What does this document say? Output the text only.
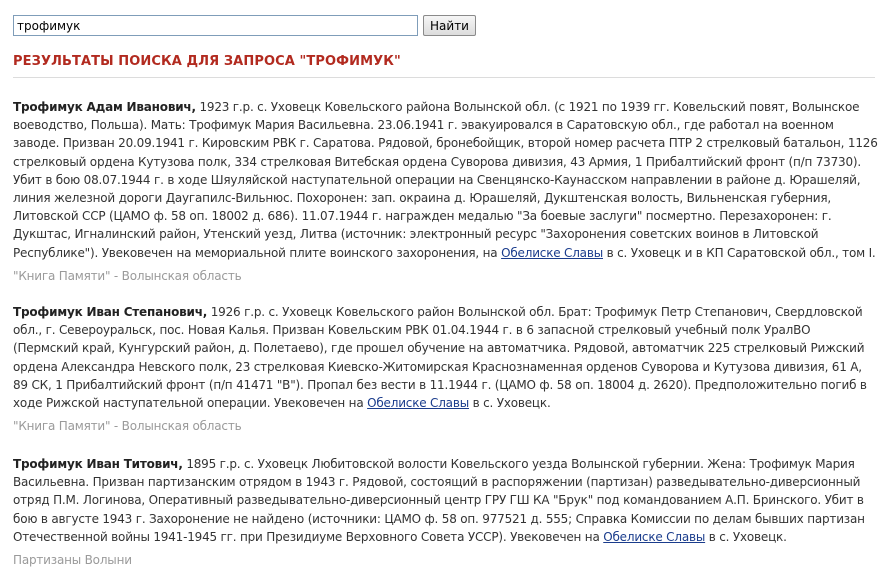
трофимук
Найти
РЕЗУЛЬТАТЫ ПОИСКА ДЛЯ ЗАПРОСА "ТРОФИМУК"

Трофимук Адам Иванович, 1923 г.р. с. Уховецк Ковельского района Волынской обл. (с 1921 по 1939 гг. Ковельский повят, Волынское воеводство, Польша). Мать: Трофимук Мария Васильевна. 23.06.1941 г. эвакуировался в Саратовскую обл., где работал на военном заводе. Призван 20.09.1941 г. Кировским РВК г. Саратова. Рядовой, бронебойщик, второй номер расчета ПТР 2 стрелковый батальон, 1126 стрелковый ордена Кутузова полк, 334 стрелковая Витебская ордена Суворова дивизия, 43 Армия, 1 Прибалтийский фронт (п/п 73730). Убит в бою 08.07.1944 г. в ходе Шяуляйской наступательной операции на Свенцянско-Каунасском направлении в районе д. Юрашеляй, линия железной дороги Даугапилс-Вильнюс. Похоронен: зап. окраина д. Юрашеляй, Дукштенская волость, Вильненская губерния, Литовской ССР (ЦАМО ф. 58 оп. 18002 д. 686). 11.07.1944 г. награжден медалью "За боевые заслуги" посмертно. Перезахоронен: г. Дукштас, Игналинский район, Утенский уезд, Литва (источник: электронный ресурс "Захоронения советских воинов в Литовской Республике"). Увековечен на мемориальной плите воинского захоронения, на Обелиске Славы в с. Уховецк и в КП Саратовской обл., том I.

"Книга Памяти" - Волынская область

Трофимук Иван Степанович, 1926 г.р. с. Уховецк Ковельского район Волынской обл. Брат: Трофимук Петр Степанович, Свердловской обл., г. Североуральск, пос. Новая Калья. Призван Ковельским РВК 01.04.1944 г. в 6 запасной стрелковый учебный полк УралВО (Пермский край, Кунгурский район, д. Полетаево), где прошел обучение на автоматчика. Рядовой, автоматчик 225 стрелковый Рижский ордена Александра Невского полк, 23 стрелковая Киевско-Житомирская Краснознаменная орденов Суворова и Кутузова дивизия, 61 А, 89 СК, 1 Прибалтийский фронт (п/п 41471 "В"). Пропал без вести в 11.1944 г. (ЦАМО ф. 58 оп. 18004 д. 2620). Предположительно погиб в ходе Рижской наступательной операции. Увековечен на Обелиске Славы в с. Уховецк.

"Книга Памяти" - Волынская область

Трофимук Иван Титович, 1895 г.р. с. Уховецк Любитовской волости Ковельского уезда Волынской губернии. Жена: Трофимук Мария Васильевна. Призван партизанским отрядом в 1943 г. Рядовой, состоящий в распоряжении (партизан) разведывательно-диверсионный отряд П.М. Логинова, Оперативный разведывательно-диверсионный центр ГРУ ГШ КА "Брук" под командованием А.П. Бринского. Убит в бою в августе 1943 г. Захоронение не найдено (источники: ЦАМО ф. 58 оп. 977521 д. 555; Справка Комиссии по делам бывших партизан Отечественной войны 1941-1945 гг. при Президиуме Верховного Совета УССР). Увековечен на Обелиске Славы в с. Уховецк.

Партизаны Волыни
